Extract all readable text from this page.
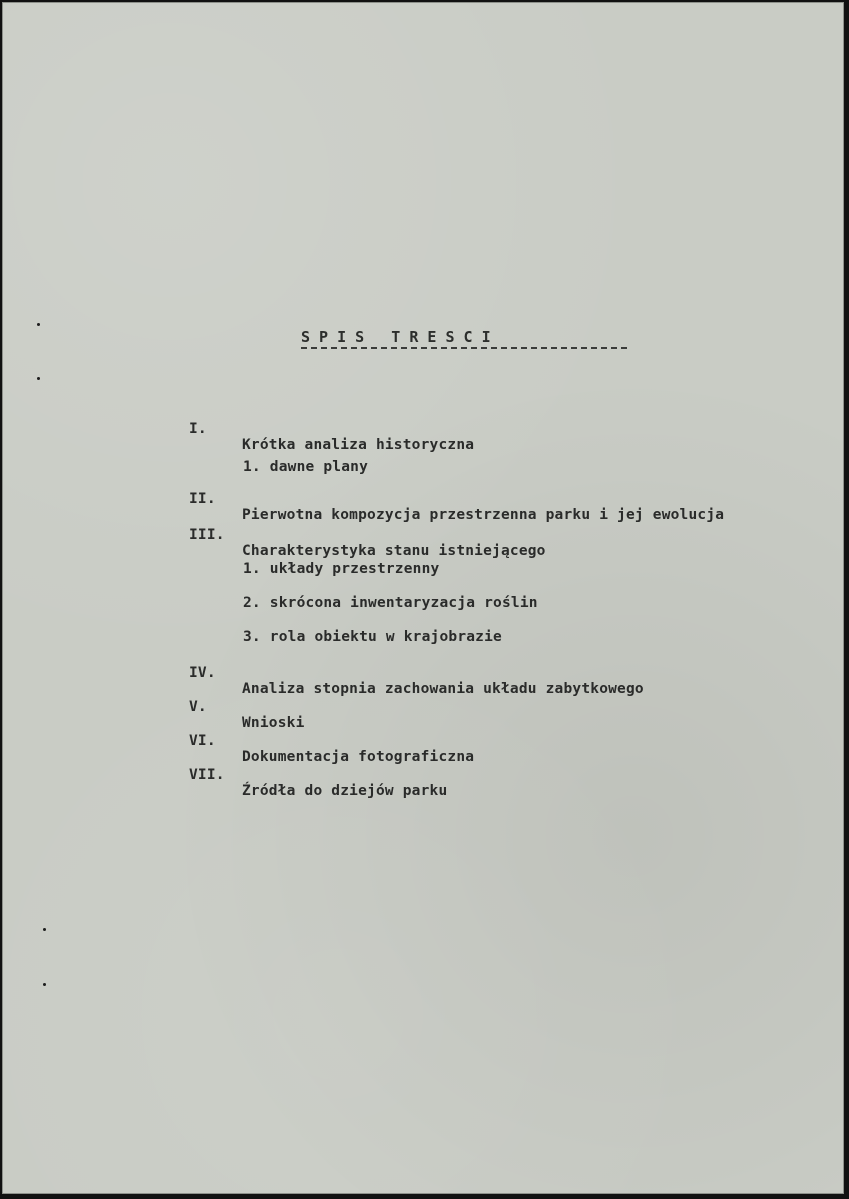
S P I S   T R E S C I

I.

Krótka analiza historyczna

1. dawne plany

II.

Pierwotna kompozycja przestrzenna parku i jej ewolucja

III.

Charakterystyka stanu istniejącego

1. układy przestrzenny

2. skrócona inwentaryzacja roślin

3. rola obiektu w krajobrazie

IV.

Analiza stopnia zachowania układu zabytkowego

V.

Wnioski

VI.

Dokumentacja fotograficzna

VII.

Źródła do dziejów parku
